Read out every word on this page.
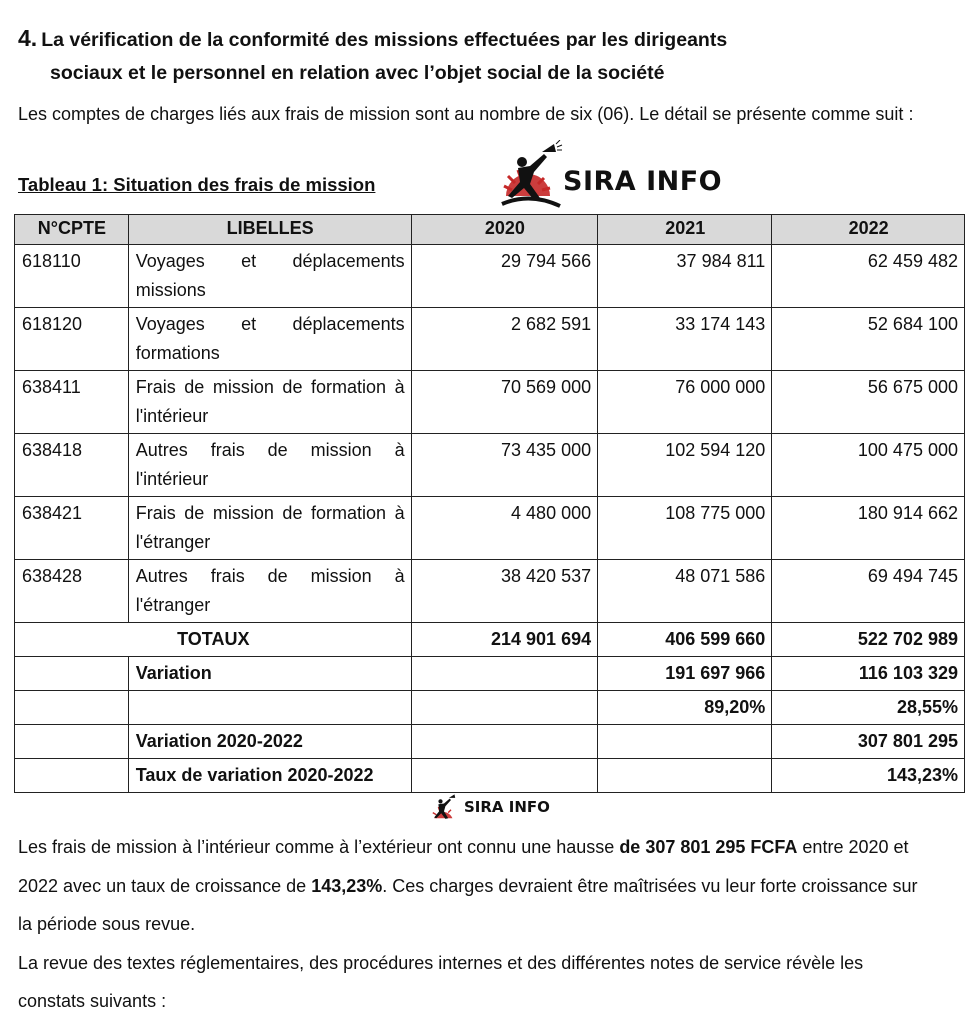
4. La vérification de la conformité des missions effectuées par les dirigeants
sociaux et le personnel en relation avec l’objet social de la société
Les comptes de charges liés aux frais de mission sont au nombre de six (06). Le détail se présente comme suit :
Tableau 1: Situation des frais de mission	SIRA INFO
N°CPTE	LIBELLES	2020	2021	2022
618110	Voyages et déplacements missions	29 794 566	37 984 811	62 459 482
618120	Voyages et déplacements formations	2 682 591	33 174 143	52 684 100
638411	Frais de mission de formation à l'intérieur	70 569 000	76 000 000	56 675 000
638418	Autres frais de mission à l'intérieur	73 435 000	102 594 120	100 475 000
638421	Frais de mission de formation à l'étranger	4 480 000	108 775 000	180 914 662
638428	Autres frais de mission à l'étranger	38 420 537	48 071 586	69 494 745
TOTAUX		214 901 694	406 599 660	522 702 989
	Variation		191 697 966	116 103 329
			89,20%	28,55%
	Variation 2020-2022			307 801 295
	Taux de variation 2020-2022			143,23%
SIRA INFO

Les frais de mission à l’intérieur comme à l’extérieur ont connu une hausse de 307 801 295 FCFA entre 2020 et 2022 avec un taux de croissance de 143,23%. Ces charges devraient être maîtrisées vu leur forte croissance sur la période sous revue.

La revue des textes réglementaires, des procédures internes et des différentes notes de service révèle les constats suivants :
